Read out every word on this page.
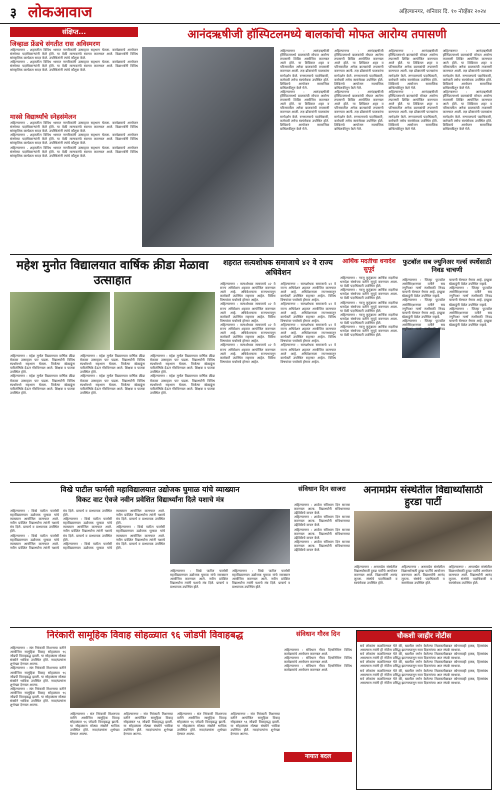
३ लोकआवाज	अहिल्यानगर, शनिवार दि. १० नोव्हेंबर २०२४
संक्षिप्त...
जिव्हाळ फ्रेंडचे संगतीत रास अविस्मरण
अहिल्यानगर - शहरातील विविध भागात नागरिकांनी उत्साहात सहभाग घेतला. कार्यक्रमाचे आयोजन संस्थेच्या पदाधिकाऱ्यांनी केले होते. या वेळी मान्यवरांचे स्वागत करण्यात आले. विद्यार्थ्यांनी विविध सांस्कृतिक कार्यक्रम सादर केले. उपस्थितांनी त्यांचे कौतुक केले.
अहिल्यानगर - शहरातील विविध भागात नागरिकांनी उत्साहात सहभाग घेतला. कार्यक्रमाचे आयोजन संस्थेच्या पदाधिकाऱ्यांनी केले होते. या वेळी मान्यवरांचे स्वागत करण्यात आले. विद्यार्थ्यांनी विविध सांस्कृतिक कार्यक्रम सादर केले. उपस्थितांनी त्यांचे कौतुक केले.
मास्से विद्यार्थ्यांचे स्नेहसंमेलन
अहिल्यानगर - शहरातील विविध भागात नागरिकांनी उत्साहात सहभाग घेतला. कार्यक्रमाचे आयोजन संस्थेच्या पदाधिकाऱ्यांनी केले होते. या वेळी मान्यवरांचे स्वागत करण्यात आले. विद्यार्थ्यांनी विविध सांस्कृतिक कार्यक्रम सादर केले. उपस्थितांनी त्यांचे कौतुक केले.
अहिल्यानगर - शहरातील विविध भागात नागरिकांनी उत्साहात सहभाग घेतला. कार्यक्रमाचे आयोजन संस्थेच्या पदाधिकाऱ्यांनी केले होते. या वेळी मान्यवरांचे स्वागत करण्यात आले. विद्यार्थ्यांनी विविध सांस्कृतिक कार्यक्रम सादर केले. उपस्थितांनी त्यांचे कौतुक केले.
अहिल्यानगर - शहरातील विविध भागात नागरिकांनी उत्साहात सहभाग घेतला. कार्यक्रमाचे आयोजन संस्थेच्या पदाधिकाऱ्यांनी केले होते. या वेळी मान्यवरांचे स्वागत करण्यात आले. विद्यार्थ्यांनी विविध सांस्कृतिक कार्यक्रम सादर केले. उपस्थितांनी त्यांचे कौतुक केले.
आनंदऋषीजी हॉस्पिटलमध्ये बालकांची मोफत आरोग्य तपासणी
अहिल्यानगर : आनंदऋषीजी हॉस्पिटलमध्ये बालकांची मोफत आरोग्य तपासणी शिबिर आयोजित करण्यात आले होते. या शिबिरात शहर व परिसरातील अनेक बालकांची तपासणी करण्यात आली. तज्ञ डॉक्टरांनी पालकांना मार्गदर्शन केले. रुग्णालयाचे पदाधिकारी, कर्मचारी तसेच स्वयंसेवक उपस्थित होते. शिबिराचे आयोजन सामाजिक बांधिलकीतून केले गेले.
अहिल्यानगर : आनंदऋषीजी हॉस्पिटलमध्ये बालकांची मोफत आरोग्य तपासणी शिबिर आयोजित करण्यात आले होते. या शिबिरात शहर व परिसरातील अनेक बालकांची तपासणी करण्यात आली. तज्ञ डॉक्टरांनी पालकांना मार्गदर्शन केले. रुग्णालयाचे पदाधिकारी, कर्मचारी तसेच स्वयंसेवक उपस्थित होते. शिबिराचे आयोजन सामाजिक बांधिलकीतून केले गेले.
अहिल्यानगर : आनंदऋषीजी हॉस्पिटलमध्ये बालकांची मोफत आरोग्य तपासणी शिबिर आयोजित करण्यात आले होते. या शिबिरात शहर व परिसरातील अनेक बालकांची तपासणी करण्यात आली. तज्ञ डॉक्टरांनी पालकांना मार्गदर्शन केले. रुग्णालयाचे पदाधिकारी, कर्मचारी तसेच स्वयंसेवक उपस्थित होते. शिबिराचे आयोजन सामाजिक बांधिलकीतून केले गेले.
अहिल्यानगर : आनंदऋषीजी हॉस्पिटलमध्ये बालकांची मोफत आरोग्य तपासणी शिबिर आयोजित करण्यात आले होते. या शिबिरात शहर व परिसरातील अनेक बालकांची तपासणी करण्यात आली. तज्ञ डॉक्टरांनी पालकांना मार्गदर्शन केले. रुग्णालयाचे पदाधिकारी, कर्मचारी तसेच स्वयंसेवक उपस्थित होते. शिबिराचे आयोजन सामाजिक बांधिलकीतून केले गेले.
अहिल्यानगर : आनंदऋषीजी हॉस्पिटलमध्ये बालकांची मोफत आरोग्य तपासणी शिबिर आयोजित करण्यात आले होते. या शिबिरात शहर व परिसरातील अनेक बालकांची तपासणी करण्यात आली. तज्ञ डॉक्टरांनी पालकांना मार्गदर्शन केले. रुग्णालयाचे पदाधिकारी, कर्मचारी तसेच स्वयंसेवक उपस्थित होते. शिबिराचे आयोजन सामाजिक बांधिलकीतून केले गेले.
अहिल्यानगर : आनंदऋषीजी हॉस्पिटलमध्ये बालकांची मोफत आरोग्य तपासणी शिबिर आयोजित करण्यात आले होते. या शिबिरात शहर व परिसरातील अनेक बालकांची तपासणी करण्यात आली. तज्ञ डॉक्टरांनी पालकांना मार्गदर्शन केले. रुग्णालयाचे पदाधिकारी, कर्मचारी तसेच स्वयंसेवक उपस्थित होते. शिबिराचे आयोजन सामाजिक बांधिलकीतून केले गेले.
अहिल्यानगर : आनंदऋषीजी हॉस्पिटलमध्ये बालकांची मोफत आरोग्य तपासणी शिबिर आयोजित करण्यात आले होते. या शिबिरात शहर व परिसरातील अनेक बालकांची तपासणी करण्यात आली. तज्ञ डॉक्टरांनी पालकांना मार्गदर्शन केले. रुग्णालयाचे पदाधिकारी, कर्मचारी तसेच स्वयंसेवक उपस्थित होते. शिबिराचे आयोजन सामाजिक बांधिलकीतून केले गेले.
अहिल्यानगर : आनंदऋषीजी हॉस्पिटलमध्ये बालकांची मोफत आरोग्य तपासणी शिबिर आयोजित करण्यात आले होते. या शिबिरात शहर व परिसरातील अनेक बालकांची तपासणी करण्यात आली. तज्ञ डॉक्टरांनी पालकांना मार्गदर्शन केले. रुग्णालयाचे पदाधिकारी, कर्मचारी तसेच स्वयंसेवक उपस्थित होते. शिबिराचे आयोजन सामाजिक बांधिलकीतून केले गेले.
महेश मुनोत विद्यालयात वार्षिक क्रीडा मेळावा उत्साहात
अहिल्यानगर : महेश मुनोत विद्यालयात वार्षिक क्रीडा मेळावा उत्साहात पार पडला. विद्यार्थ्यांनी विविध स्पर्धांमध्ये सहभाग घेतला. विजेत्या खेळाडूंना पारितोषिके देऊन गौरविण्यात आले. शिक्षक व पालक उपस्थित होते.
अहिल्यानगर : महेश मुनोत विद्यालयात वार्षिक क्रीडा मेळावा उत्साहात पार पडला. विद्यार्थ्यांनी विविध स्पर्धांमध्ये सहभाग घेतला. विजेत्या खेळाडूंना पारितोषिके देऊन गौरविण्यात आले. शिक्षक व पालक उपस्थित होते.
अहिल्यानगर : महेश मुनोत विद्यालयात वार्षिक क्रीडा मेळावा उत्साहात पार पडला. विद्यार्थ्यांनी विविध स्पर्धांमध्ये सहभाग घेतला. विजेत्या खेळाडूंना पारितोषिके देऊन गौरविण्यात आले. शिक्षक व पालक उपस्थित होते.
अहिल्यानगर : महेश मुनोत विद्यालयात वार्षिक क्रीडा मेळावा उत्साहात पार पडला. विद्यार्थ्यांनी विविध स्पर्धांमध्ये सहभाग घेतला. विजेत्या खेळाडूंना पारितोषिके देऊन गौरविण्यात आले. शिक्षक व पालक उपस्थित होते.
अहिल्यानगर : महेश मुनोत विद्यालयात वार्षिक क्रीडा मेळावा उत्साहात पार पडला. विद्यार्थ्यांनी विविध स्पर्धांमध्ये सहभाग घेतला. विजेत्या खेळाडूंना पारितोषिके देऊन गौरविण्यात आले. शिक्षक व पालक उपस्थित होते.
अहिल्यानगर : महेश मुनोत विद्यालयात वार्षिक क्रीडा मेळावा उत्साहात पार पडला. विद्यार्थ्यांनी विविध स्पर्धांमध्ये सहभाग घेतला. विजेत्या खेळाडूंना पारितोषिके देऊन गौरविण्यात आले. शिक्षक व पालक उपस्थित होते.
शहरात सत्यशोधक समाजाचे ४२ वे राज्य अधिवेशन
अहिल्यानगर : सत्यशोधक समाजाचे ४२ वे राज्य अधिवेशन शहरात आयोजित करण्यात आले आहे. अधिवेशनाला राज्यभरातून कार्यकर्ते उपस्थित राहणार आहेत. विविध विषयांवर चर्चासत्रे होणार आहेत.
अहिल्यानगर : सत्यशोधक समाजाचे ४२ वे राज्य अधिवेशन शहरात आयोजित करण्यात आले आहे. अधिवेशनाला राज्यभरातून कार्यकर्ते उपस्थित राहणार आहेत. विविध विषयांवर चर्चासत्रे होणार आहेत.
अहिल्यानगर : सत्यशोधक समाजाचे ४२ वे राज्य अधिवेशन शहरात आयोजित करण्यात आले आहे. अधिवेशनाला राज्यभरातून कार्यकर्ते उपस्थित राहणार आहेत. विविध विषयांवर चर्चासत्रे होणार आहेत.
अहिल्यानगर : सत्यशोधक समाजाचे ४२ वे राज्य अधिवेशन शहरात आयोजित करण्यात आले आहे. अधिवेशनाला राज्यभरातून कार्यकर्ते उपस्थित राहणार आहेत. विविध विषयांवर चर्चासत्रे होणार आहेत.
अहिल्यानगर : सत्यशोधक समाजाचे ४२ वे राज्य अधिवेशन शहरात आयोजित करण्यात आले आहे. अधिवेशनाला राज्यभरातून कार्यकर्ते उपस्थित राहणार आहेत. विविध विषयांवर चर्चासत्रे होणार आहेत.
अहिल्यानगर : सत्यशोधक समाजाचे ४२ वे राज्य अधिवेशन शहरात आयोजित करण्यात आले आहे. अधिवेशनाला राज्यभरातून कार्यकर्ते उपस्थित राहणार आहेत. विविध विषयांवर चर्चासत्रे होणार आहेत.
अहिल्यानगर : सत्यशोधक समाजाचे ४२ वे राज्य अधिवेशन शहरात आयोजित करण्यात आले आहे. अधिवेशनाला राज्यभरातून कार्यकर्ते उपस्थित राहणार आहेत. विविध विषयांवर चर्चासत्रे होणार आहेत.
अहिल्यानगर : सत्यशोधक समाजाचे ४२ वे राज्य अधिवेशन शहरात आयोजित करण्यात आले आहे. अधिवेशनाला राज्यभरातून कार्यकर्ते उपस्थित राहणार आहेत. विविध विषयांवर चर्चासत्रे होणार आहेत.
आर्थिक मदतीचा धनादेश सुपूर्द
अहिल्यानगर : गरजू कुटुंबाला आर्थिक मदतीचा धनादेश संस्थेच्या वतीने सुपूर्द करण्यात आला. या वेळी पदाधिकारी उपस्थित होते.
अहिल्यानगर : गरजू कुटुंबाला आर्थिक मदतीचा धनादेश संस्थेच्या वतीने सुपूर्द करण्यात आला. या वेळी पदाधिकारी उपस्थित होते.
अहिल्यानगर : गरजू कुटुंबाला आर्थिक मदतीचा धनादेश संस्थेच्या वतीने सुपूर्द करण्यात आला. या वेळी पदाधिकारी उपस्थित होते.
अहिल्यानगर : गरजू कुटुंबाला आर्थिक मदतीचा धनादेश संस्थेच्या वतीने सुपूर्द करण्यात आला. या वेळी पदाधिकारी उपस्थित होते.
अहिल्यानगर : गरजू कुटुंबाला आर्थिक मदतीचा धनादेश संस्थेच्या वतीने सुपूर्द करण्यात आला. या वेळी पदाधिकारी उपस्थित होते.
फुटबॉल सब ज्युनिअर गर्ल्स स्पर्धेसाठी निवड चाचणी
अहिल्यानगर : जिल्हा फुटबॉल असोसिएशनच्या वतीने सब ज्युनिअर गर्ल्स स्पर्धेसाठी निवड चाचणी घेण्यात येणार आहे. इच्छुक खेळाडूंनी वेळेत उपस्थित राहावे.
अहिल्यानगर : जिल्हा फुटबॉल असोसिएशनच्या वतीने सब ज्युनिअर गर्ल्स स्पर्धेसाठी निवड चाचणी घेण्यात येणार आहे. इच्छुक खेळाडूंनी वेळेत उपस्थित राहावे.
अहिल्यानगर : जिल्हा फुटबॉल असोसिएशनच्या वतीने सब ज्युनिअर गर्ल्स स्पर्धेसाठी निवड चाचणी घेण्यात येणार आहे. इच्छुक खेळाडूंनी वेळेत उपस्थित राहावे.
अहिल्यानगर : जिल्हा फुटबॉल असोसिएशनच्या वतीने सब ज्युनिअर गर्ल्स स्पर्धेसाठी निवड चाचणी घेण्यात येणार आहे. इच्छुक खेळाडूंनी वेळेत उपस्थित राहावे.
अहिल्यानगर : जिल्हा फुटबॉल असोसिएशनच्या वतीने सब ज्युनिअर गर्ल्स स्पर्धेसाठी निवड चाचणी घेण्यात येणार आहे. इच्छुक खेळाडूंनी वेळेत उपस्थित राहावे.
विखे पाटील फार्मसी महाविद्यालयात उद्योजक घुमाळ यांचे व्याख्यान
विकट वाट ऐवजे नवीन प्रवेशित विद्यार्थ्यांना दिले यशाचे मंत्र
अहिल्यानगर : विखे पाटील फार्मसी महाविद्यालयात उद्योजक घुमाळ यांचे व्याख्यान आयोजित करण्यात आले. नवीन प्रवेशित विद्यार्थ्यांना त्यांनी यशाचे मंत्र दिले. प्राचार्य व प्राध्यापक उपस्थित होते.
अहिल्यानगर : विखे पाटील फार्मसी महाविद्यालयात उद्योजक घुमाळ यांचे व्याख्यान आयोजित करण्यात आले. नवीन प्रवेशित विद्यार्थ्यांना त्यांनी यशाचे मंत्र दिले. प्राचार्य व प्राध्यापक उपस्थित होते.
अहिल्यानगर : विखे पाटील फार्मसी महाविद्यालयात उद्योजक घुमाळ यांचे व्याख्यान आयोजित करण्यात आले. नवीन प्रवेशित विद्यार्थ्यांना त्यांनी यशाचे मंत्र दिले. प्राचार्य व प्राध्यापक उपस्थित होते.
अहिल्यानगर : विखे पाटील फार्मसी महाविद्यालयात उद्योजक घुमाळ यांचे व्याख्यान आयोजित करण्यात आले. नवीन प्रवेशित विद्यार्थ्यांना त्यांनी यशाचे मंत्र दिले. प्राचार्य व प्राध्यापक उपस्थित होते.
अहिल्यानगर : विखे पाटील फार्मसी महाविद्यालयात उद्योजक घुमाळ यांचे व्याख्यान आयोजित करण्यात आले. नवीन प्रवेशित विद्यार्थ्यांना त्यांनी यशाचे मंत्र दिले. प्राचार्य व प्राध्यापक उपस्थित होते.
अहिल्यानगर : विखे पाटील फार्मसी महाविद्यालयात उद्योजक घुमाळ यांचे व्याख्यान आयोजित करण्यात आले. नवीन प्रवेशित विद्यार्थ्यांना त्यांनी यशाचे मंत्र दिले. प्राचार्य व प्राध्यापक उपस्थित होते.
अहिल्यानगर : विखे पाटील फार्मसी महाविद्यालयात उद्योजक घुमाळ यांचे व्याख्यान आयोजित करण्यात आले. नवीन प्रवेशित विद्यार्थ्यांना त्यांनी यशाचे मंत्र दिले. प्राचार्य व प्राध्यापक उपस्थित होते.
संविधान दिन साजरा
अहिल्यानगर : शाळेत संविधान दिन साजरा करण्यात आला. विद्यार्थ्यांनी संविधानाच्या उद्देशिकेचे वाचन केले.
अहिल्यानगर : शाळेत संविधान दिन साजरा करण्यात आला. विद्यार्थ्यांनी संविधानाच्या उद्देशिकेचे वाचन केले.
अहिल्यानगर : शाळेत संविधान दिन साजरा करण्यात आला. विद्यार्थ्यांनी संविधानाच्या उद्देशिकेचे वाचन केले.
अहिल्यानगर : शाळेत संविधान दिन साजरा करण्यात आला. विद्यार्थ्यांनी संविधानाच्या उद्देशिकेचे वाचन केले.
अनामप्रेम संस्थेतील विद्यार्थ्यांसाठी हुरडा पार्टी
अहिल्यानगर : अनामप्रेम संस्थेतील विद्यार्थ्यांसाठी हुरडा पार्टीचे आयोजन करण्यात आले. विद्यार्थ्यांनी आनंद लुटला. संस्थेचे पदाधिकारी व स्वयंसेवक उपस्थित होते.
अहिल्यानगर : अनामप्रेम संस्थेतील विद्यार्थ्यांसाठी हुरडा पार्टीचे आयोजन करण्यात आले. विद्यार्थ्यांनी आनंद लुटला. संस्थेचे पदाधिकारी व स्वयंसेवक उपस्थित होते.
अहिल्यानगर : अनामप्रेम संस्थेतील विद्यार्थ्यांसाठी हुरडा पार्टीचे आयोजन करण्यात आले. विद्यार्थ्यांनी आनंद लुटला. संस्थेचे पदाधिकारी व स्वयंसेवक उपस्थित होते.
निरंकारी सामूहिक विवाह सोहळ्यात ९६ जोडपी विवाहबद्ध
अहिल्यानगर : संत निरंकारी मिशनच्या वतीने आयोजित सामूहिक विवाह सोहळ्यात ९६ जोडपी विवाहबद्ध झाली. या सोहळ्यास मोठ्या संख्येने भाविक उपस्थित होते. नवदांपत्यांना शुभेच्छा देण्यात आल्या.
अहिल्यानगर : संत निरंकारी मिशनच्या वतीने आयोजित सामूहिक विवाह सोहळ्यात ९६ जोडपी विवाहबद्ध झाली. या सोहळ्यास मोठ्या संख्येने भाविक उपस्थित होते. नवदांपत्यांना शुभेच्छा देण्यात आल्या.
अहिल्यानगर : संत निरंकारी मिशनच्या वतीने आयोजित सामूहिक विवाह सोहळ्यात ९६ जोडपी विवाहबद्ध झाली. या सोहळ्यास मोठ्या संख्येने भाविक उपस्थित होते. नवदांपत्यांना शुभेच्छा देण्यात आल्या.
अहिल्यानगर : संत निरंकारी मिशनच्या वतीने आयोजित सामूहिक विवाह सोहळ्यात ९६ जोडपी विवाहबद्ध झाली. या सोहळ्यास मोठ्या संख्येने भाविक उपस्थित होते. नवदांपत्यांना शुभेच्छा देण्यात आल्या.
अहिल्यानगर : संत निरंकारी मिशनच्या वतीने आयोजित सामूहिक विवाह सोहळ्यात ९६ जोडपी विवाहबद्ध झाली. या सोहळ्यास मोठ्या संख्येने भाविक उपस्थित होते. नवदांपत्यांना शुभेच्छा देण्यात आल्या.
अहिल्यानगर : संत निरंकारी मिशनच्या वतीने आयोजित सामूहिक विवाह सोहळ्यात ९६ जोडपी विवाहबद्ध झाली. या सोहळ्यास मोठ्या संख्येने भाविक उपस्थित होते. नवदांपत्यांना शुभेच्छा देण्यात आल्या.
अहिल्यानगर : संत निरंकारी मिशनच्या वतीने आयोजित सामूहिक विवाह सोहळ्यात ९६ जोडपी विवाहबद्ध झाली. या सोहळ्यास मोठ्या संख्येने भाविक उपस्थित होते. नवदांपत्यांना शुभेच्छा देण्यात आल्या.
संविधान गौरव दिन
अहिल्यानगर : संविधान गौरव दिनानिमित्त विविध कार्यक्रमांचे आयोजन करण्यात आले.
अहिल्यानगर : संविधान गौरव दिनानिमित्त विविध कार्यक्रमांचे आयोजन करण्यात आले.
अहिल्यानगर : संविधान गौरव दिनानिमित्त विविध कार्यक्रमांचे आयोजन करण्यात आले.
नायात बदल
चौकशी जाहीर नोटीस
सर्व लोकांना कळविण्यात येते की, खालील वर्णन केलेल्या मिळकतीबाबत कोणाचाही हक्क, हितसंबंध असल्यास त्यांनी ही नोटीस प्रसिद्ध झाल्यापासून सात दिवसांच्या आत संपर्क साधावा.
सर्व लोकांना कळविण्यात येते की, खालील वर्णन केलेल्या मिळकतीबाबत कोणाचाही हक्क, हितसंबंध असल्यास त्यांनी ही नोटीस प्रसिद्ध झाल्यापासून सात दिवसांच्या आत संपर्क साधावा.
सर्व लोकांना कळविण्यात येते की, खालील वर्णन केलेल्या मिळकतीबाबत कोणाचाही हक्क, हितसंबंध असल्यास त्यांनी ही नोटीस प्रसिद्ध झाल्यापासून सात दिवसांच्या आत संपर्क साधावा.
सर्व लोकांना कळविण्यात येते की, खालील वर्णन केलेल्या मिळकतीबाबत कोणाचाही हक्क, हितसंबंध असल्यास त्यांनी ही नोटीस प्रसिद्ध झाल्यापासून सात दिवसांच्या आत संपर्क साधावा.
सर्व लोकांना कळविण्यात येते की, खालील वर्णन केलेल्या मिळकतीबाबत कोणाचाही हक्क, हितसंबंध असल्यास त्यांनी ही नोटीस प्रसिद्ध झाल्यापासून सात दिवसांच्या आत संपर्क साधावा.
